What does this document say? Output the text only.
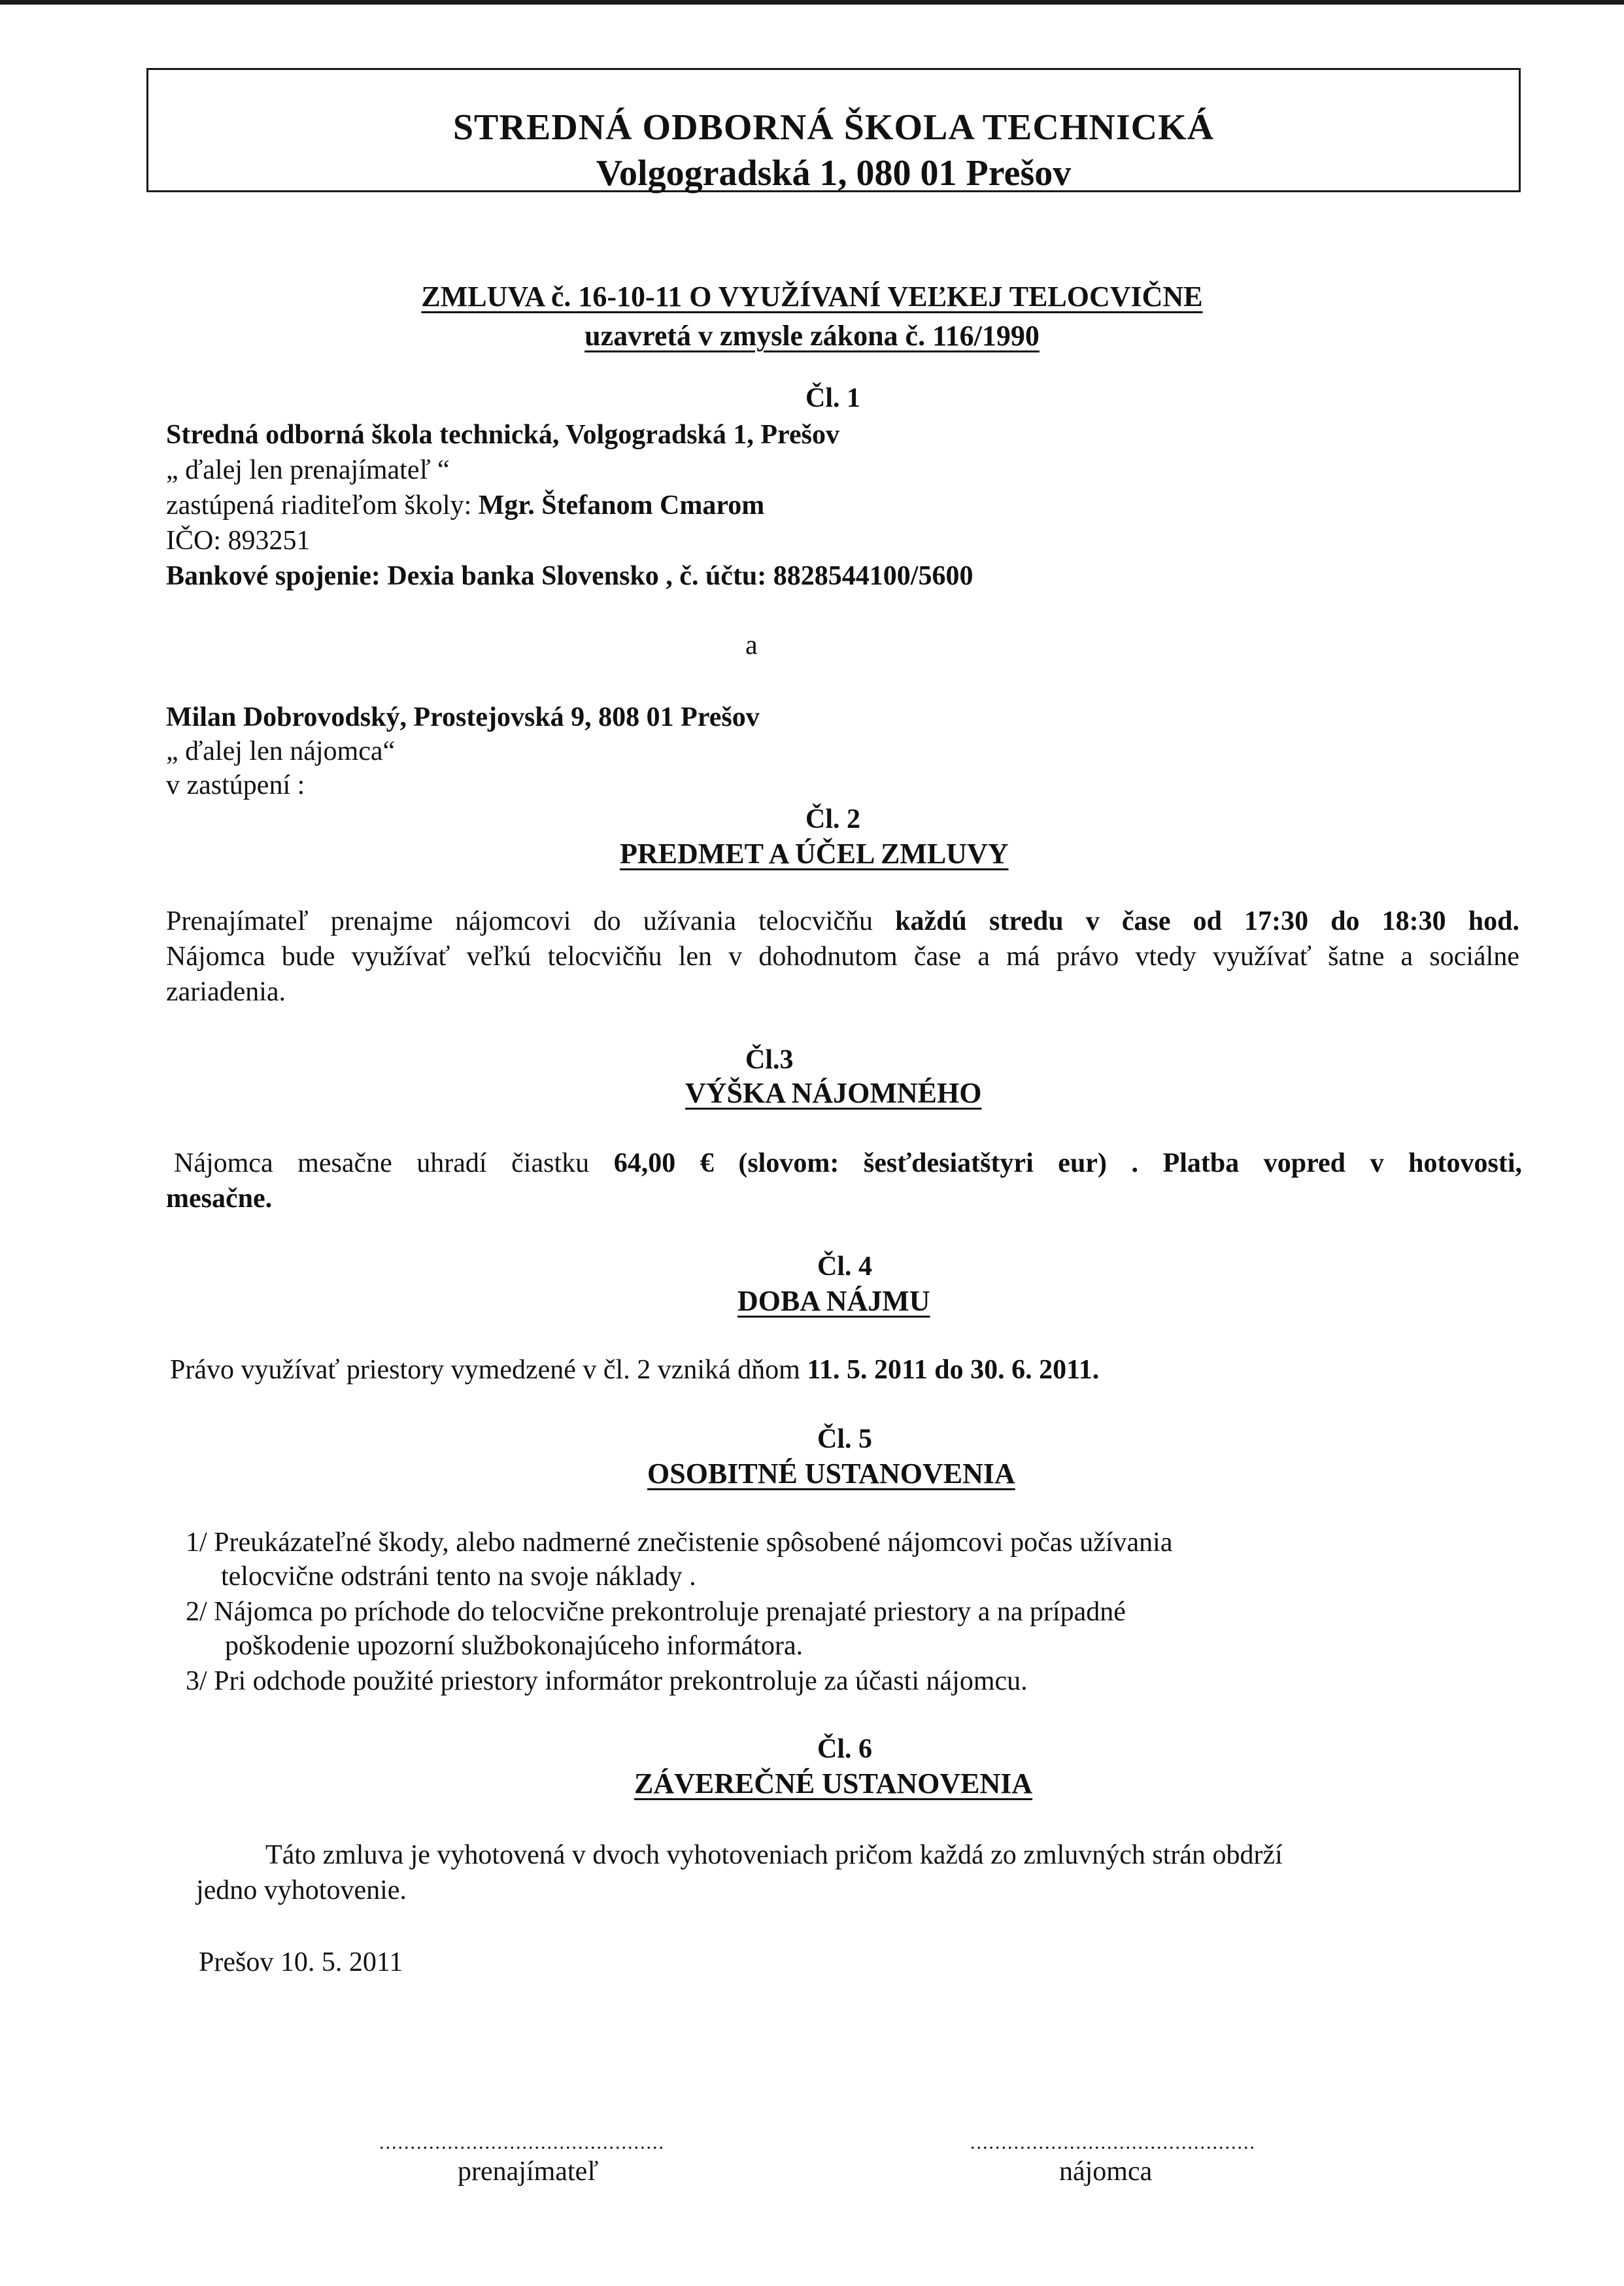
STREDNÁ ODBORNÁ ŠKOLA TECHNICKÁ
Volgogradská 1, 080 01 Prešov
ZMLUVA č. 16-10-11 O VYUŽÍVANÍ VEĽKEJ TELOCVIČNE
uzavretá v zmysle zákona č. 116/1990
Čl. 1
Stredná odborná škola technická, Volgogradská 1, Prešov
„ ďalej len prenajímateľ “
zastúpená riaditeľom školy: Mgr. Štefanom Cmarom
IČO: 893251
Bankové spojenie: Dexia banka Slovensko , č. účtu: 8828544100/5600
a
Milan Dobrovodský, Prostejovská 9, 808 01 Prešov
„ ďalej len nájomca“
v zastúpení :
Čl. 2
PREDMET A ÚČEL ZMLUVY
Prenajímateľ prenajme nájomcovi do užívania telocvičňu každú stredu v čase od 17:30 do 18:30 hod.
Nájomca bude využívať veľkú telocvičňu len v dohodnutom čase a má právo vtedy využívať šatne a sociálne
zariadenia.
Čl.3
VÝŠKA NÁJOMNÉHO
Nájomca mesačne uhradí čiastku 64,00 € (slovom: šesťdesiatštyri eur) . Platba vopred v hotovosti,
mesačne.
Čl. 4
DOBA NÁJMU
Právo využívať priestory vymedzené v čl. 2 vzniká dňom 11. 5. 2011 do 30. 6. 2011.
Čl. 5
OSOBITNÉ USTANOVENIA
1/ Preukázateľné škody, alebo nadmerné znečistenie spôsobené nájomcovi počas užívania
telocvične odstráni tento na svoje náklady .
2/ Nájomca po príchode do telocvične prekontroluje prenajaté priestory a na prípadné
poškodenie upozorní službokonajúceho informátora.
3/ Pri odchode použité priestory informátor prekontroluje za účasti nájomcu.
Čl. 6
ZÁVEREČNÉ USTANOVENIA
Táto zmluva je vyhotovená v dvoch vyhotoveniach pričom každá zo zmluvných strán obdrží
jedno vyhotovenie.
Prešov 10. 5. 2011
..............................................	..............................................
prenajímateľ	nájomca
